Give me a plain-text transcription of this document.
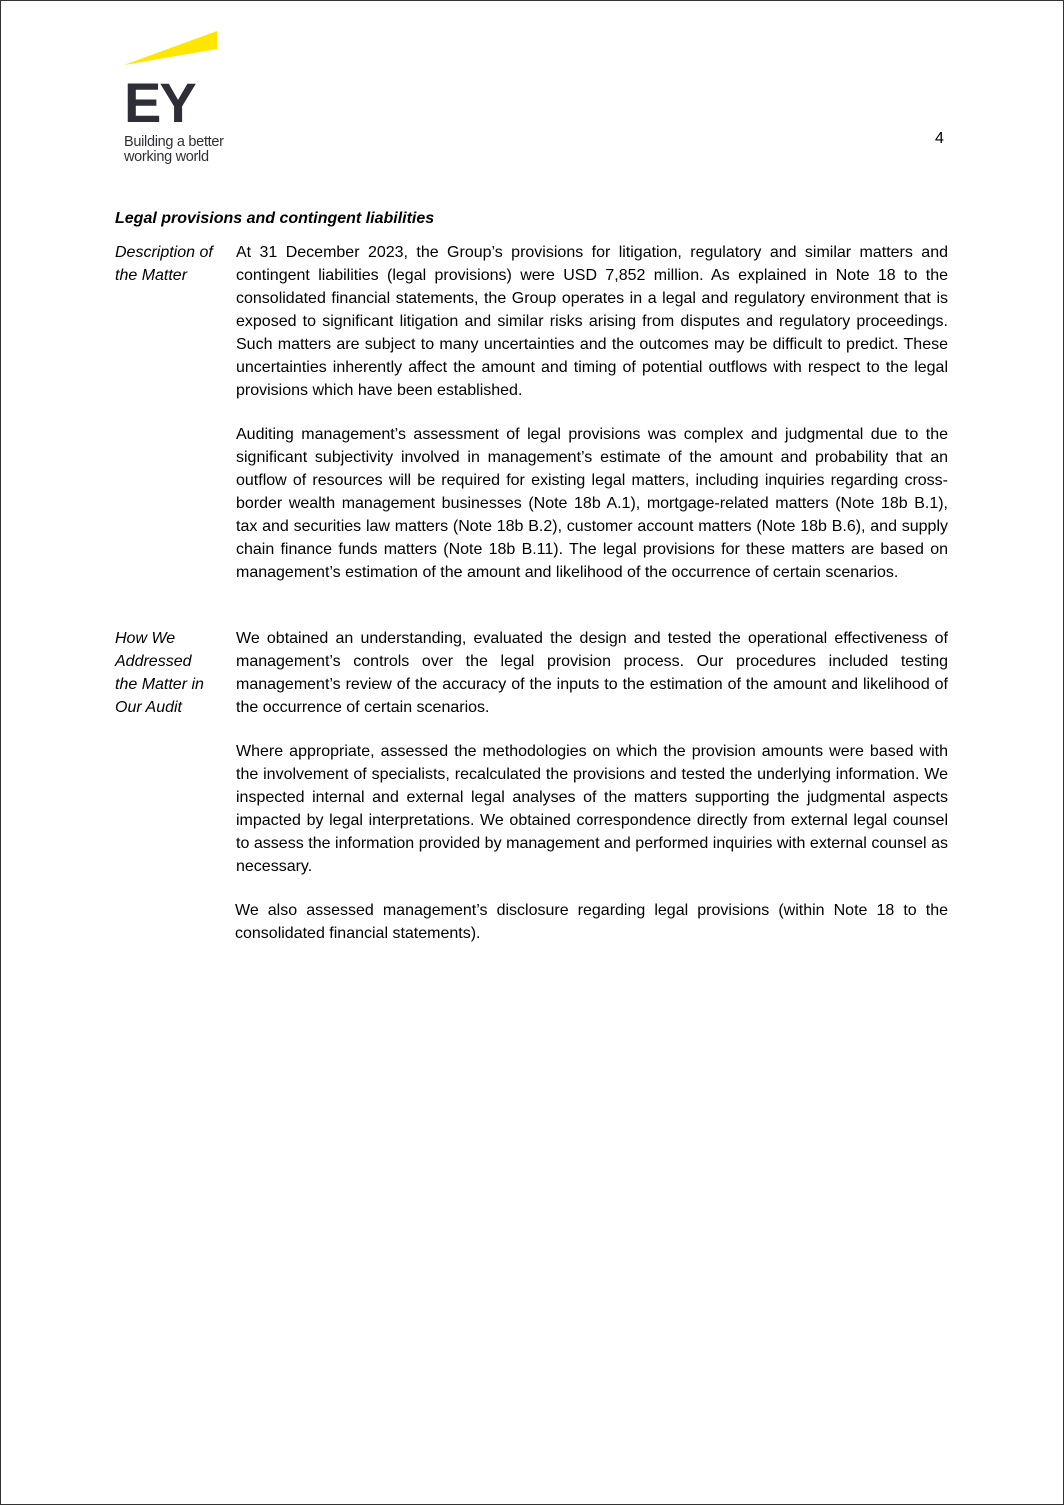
EY
Building a better
working world
4
Legal provisions and contingent liabilities
Description of
the Matter

At 31 December 2023, the Group’s provisions for litigation, regulatory and similar matters and contingent liabilities (legal provisions) were USD 7,852 million. As explained in Note 18 to the consolidated financial statements, the Group operates in a legal and regulatory environment that is exposed to significant litigation and similar risks arising from disputes and regulatory proceedings. Such matters are subject to many uncertainties and the outcomes may be difficult to predict. These uncertainties inherently affect the amount and timing of potential outflows with respect to the legal provisions which have been established.

Auditing management’s assessment of legal provisions was complex and judgmental due to the significant subjectivity involved in management’s estimate of the amount and probability that an outflow of resources will be required for existing legal matters, including inquiries regarding cross-border wealth management businesses (Note 18b A.1), mortgage-related matters (Note 18b B.1), tax and securities law matters (Note 18b B.2), customer account matters (Note 18b B.6), and supply chain finance funds matters (Note 18b B.11). The legal provisions for these matters are based on management’s estimation of the amount and likelihood of the occurrence of certain scenarios.

How We
Addressed
the Matter in
Our Audit

We obtained an understanding, evaluated the design and tested the operational effectiveness of management’s controls over the legal provision process. Our procedures included testing management’s review of the accuracy of the inputs to the estimation of the amount and likelihood of the occurrence of certain scenarios.

Where appropriate, assessed the methodologies on which the provision amounts were based with the involvement of specialists, recalculated the provisions and tested the underlying information. We inspected internal and external legal analyses of the matters supporting the judgmental aspects impacted by legal interpretations. We obtained correspondence directly from external legal counsel to assess the information provided by management and performed inquiries with external counsel as necessary.

We also assessed management’s disclosure regarding legal provisions (within Note 18 to the consolidated financial statements).
